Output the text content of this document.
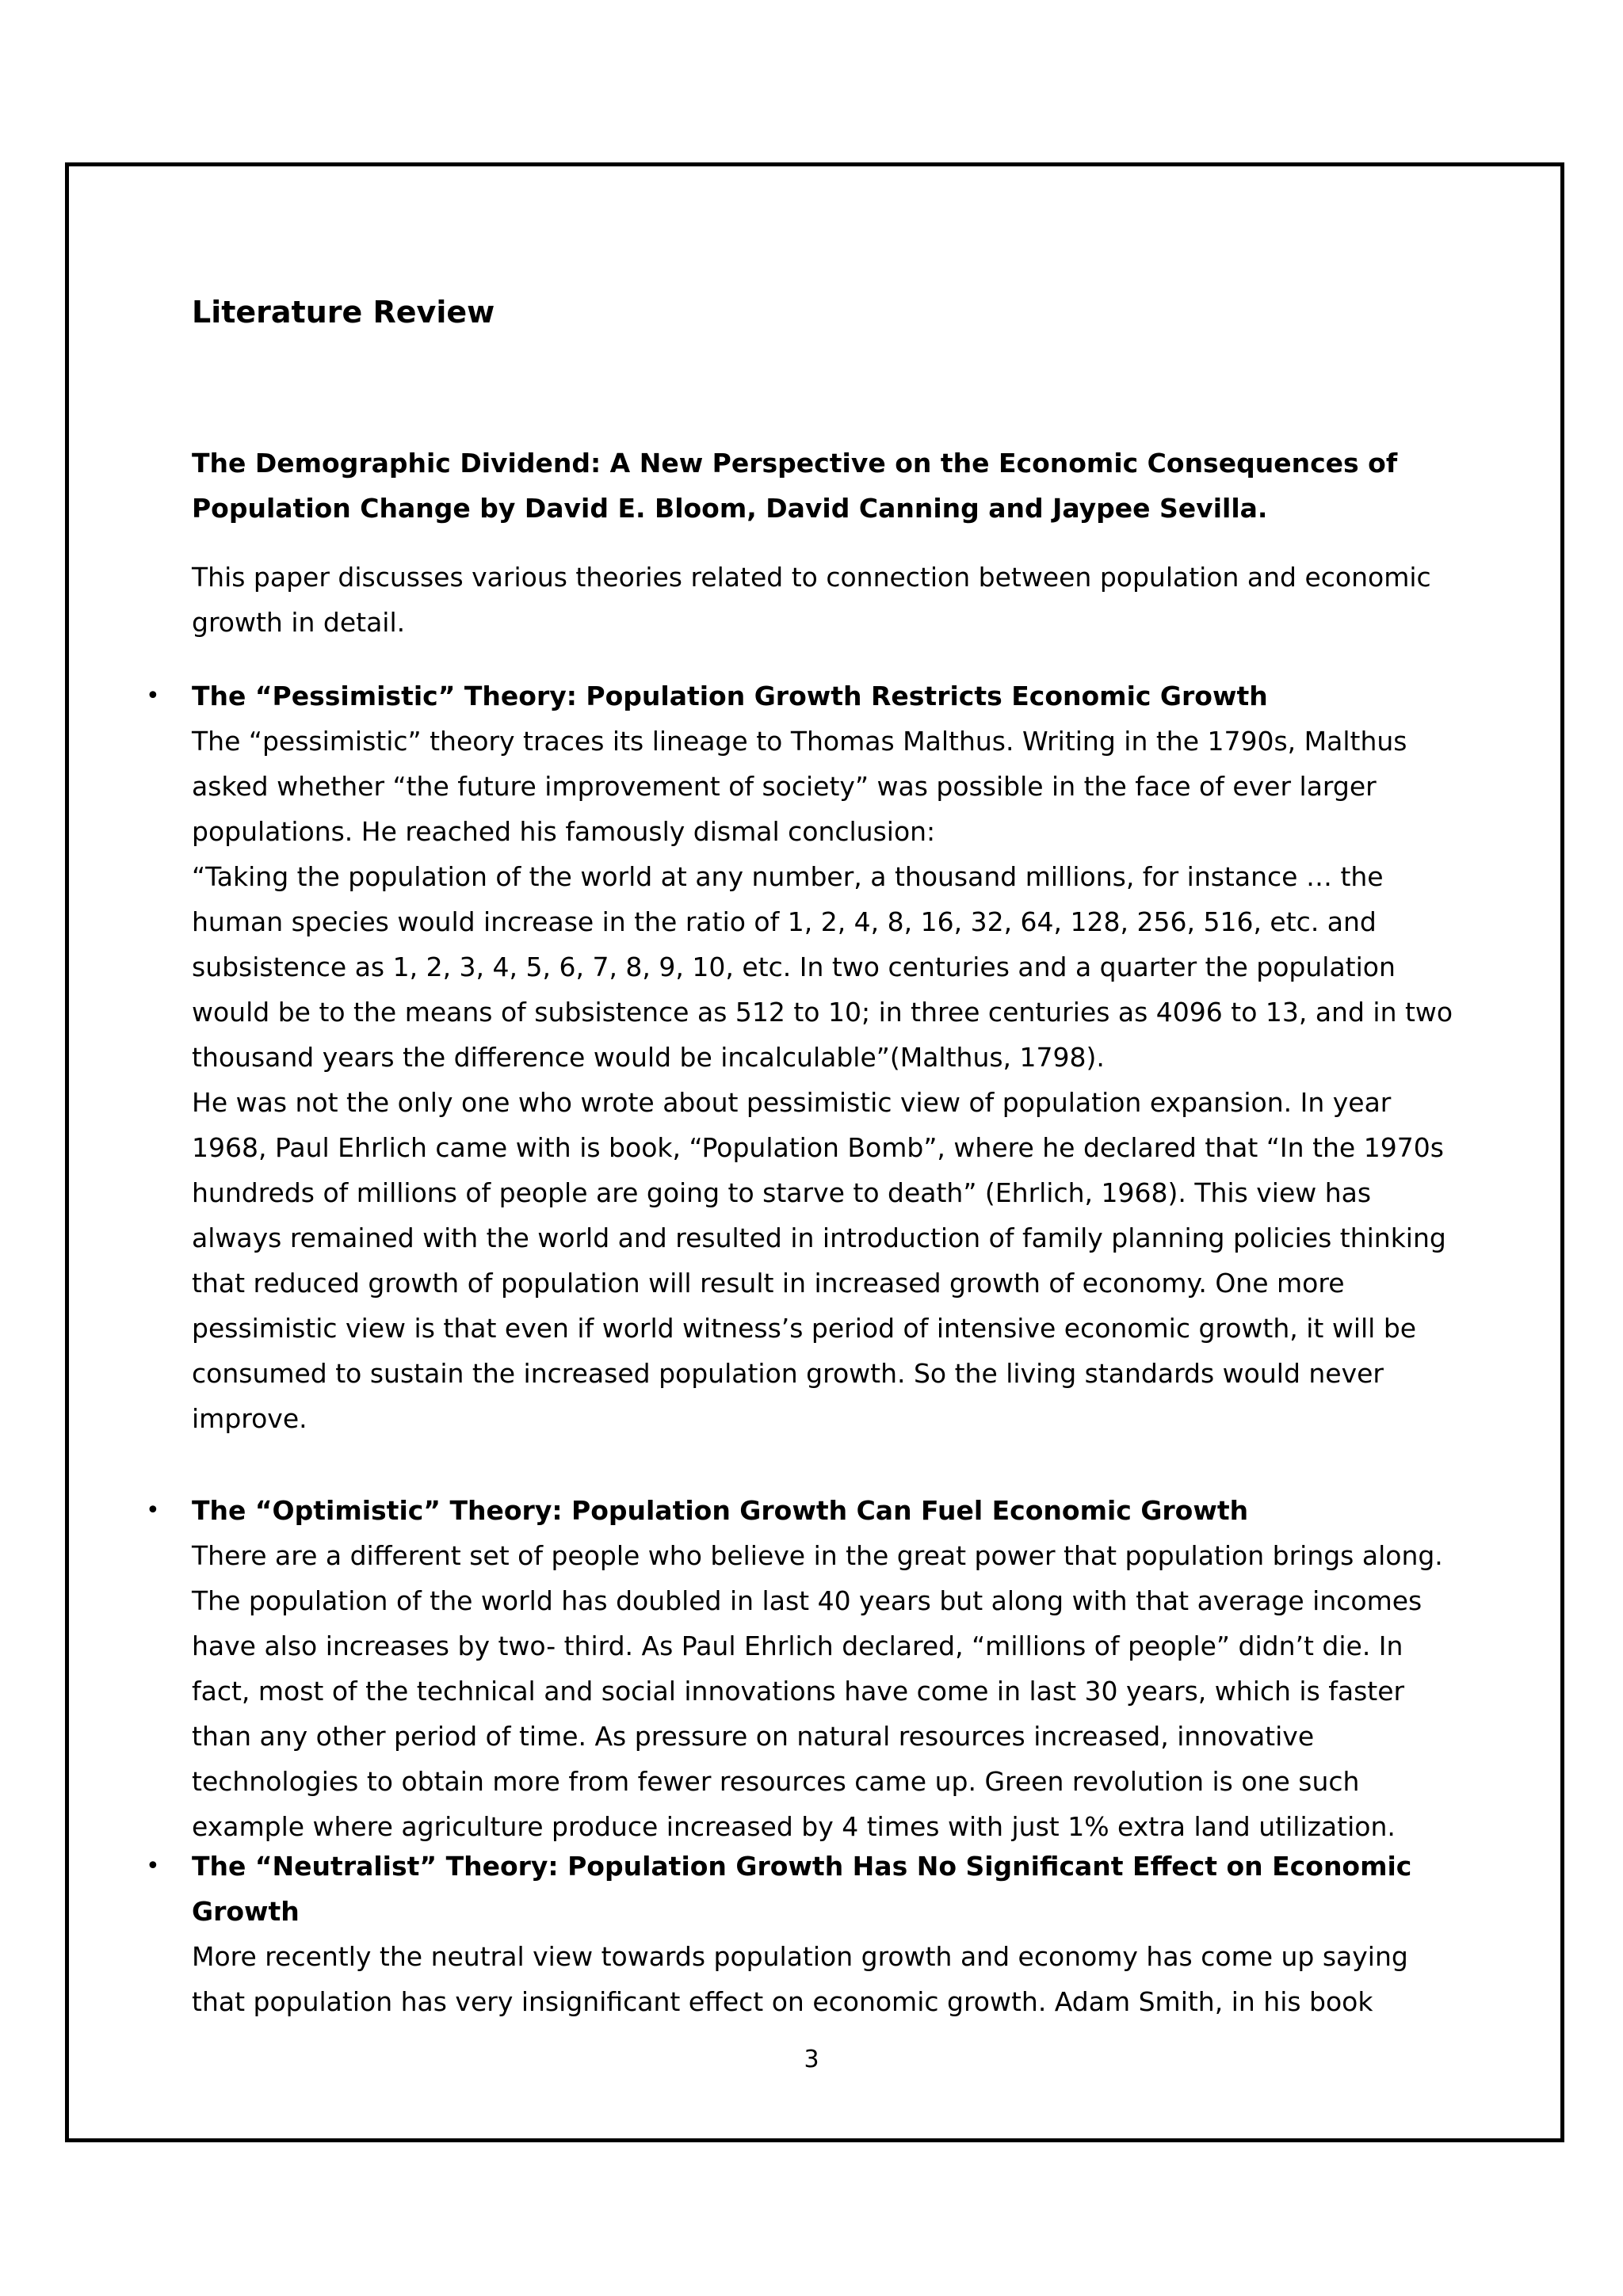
Literature Review

The Demographic Dividend: A New Perspective on the Economic Consequences of Population Change by David E. Bloom, David Canning and Jaypee Sevilla.

This paper discusses various theories related to connection between population and economic growth in detail.

• The “Pessimistic” Theory: Population Growth Restricts Economic Growth

The “pessimistic” theory traces its lineage to Thomas Malthus. Writing in the 1790s, Malthus asked whether “the future improvement of society” was possible in the face of ever larger populations. He reached his famously dismal conclusion:
“Taking the population of the world at any number, a thousand millions, for instance … the human species would increase in the ratio of 1, 2, 4, 8, 16, 32, 64, 128, 256, 516, etc. and subsistence as 1, 2, 3, 4, 5, 6, 7, 8, 9, 10, etc. In two centuries and a quarter the population would be to the means of subsistence as 512 to 10; in three centuries as 4096 to 13, and in two thousand years the difference would be incalculable”(Malthus, 1798).
He was not the only one who wrote about pessimistic view of population expansion. In year 1968, Paul Ehrlich came with is book, “Population Bomb”, where he declared that “In the 1970s hundreds of millions of people are going to starve to death” (Ehrlich, 1968). This view has always remained with the world and resulted in introduction of family planning policies thinking that reduced growth of population will result in increased growth of economy. One more pessimistic view is that even if world witness’s period of intensive economic growth, it will be consumed to sustain the increased population growth. So the living standards would never improve.

• The “Optimistic” Theory: Population Growth Can Fuel Economic Growth

There are a different set of people who believe in the great power that population brings along. The population of the world has doubled in last 40 years but along with that average incomes have also increases by two- third. As Paul Ehrlich declared, “millions of people” didn’t die. In fact, most of the technical and social innovations have come in last 30 years, which is faster than any other period of time. As pressure on natural resources increased, innovative technologies to obtain more from fewer resources came up. Green revolution is one such example where agriculture produce increased by 4 times with just 1% extra land utilization.

• The “Neutralist” Theory: Population Growth Has No Significant Effect on Economic Growth

More recently the neutral view towards population growth and economy has come up saying that population has very insignificant effect on economic growth. Adam Smith, in his book

3
